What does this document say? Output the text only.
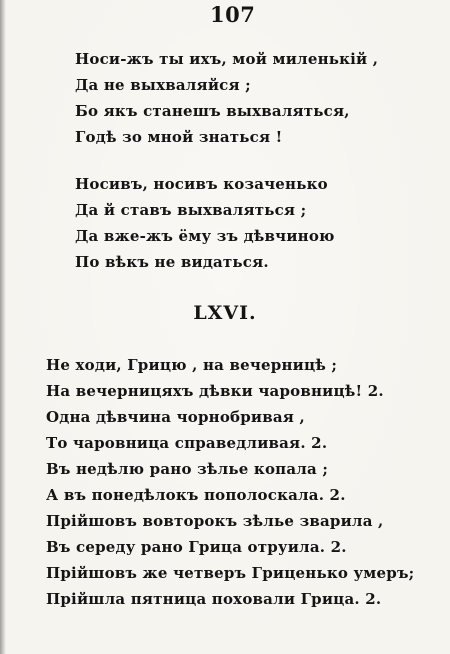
107
Носи-жъ ты ихъ, мой миленькій ,
Да не выхваляйся ;
Бо якъ станешъ выхваляться,
Годѣ зо мной знаться !
Носивъ, носивъ козаченько
Да й ставъ выхваляться ;
Да вже-жъ ёму зъ дѣвчиною
По вѣкъ не видаться.
LXVI.
Не ходи, Грицю , на вечерницѣ ;
На вечерницяхъ дѣвки чаровницѣ! 2.
Одна дѣвчина чорнобривая ,
То чаровница справедливая. 2.
Въ недѣлю рано зѣлье копала ;
А въ понедѣлокъ пополоскала. 2.
Прійшовъ вовторокъ зѣлье зварила ,
Въ середу рано Грица отруила. 2.
Прійшовъ же четверъ Гриценько умеръ;
Прійшла пятница поховали Грица. 2.
